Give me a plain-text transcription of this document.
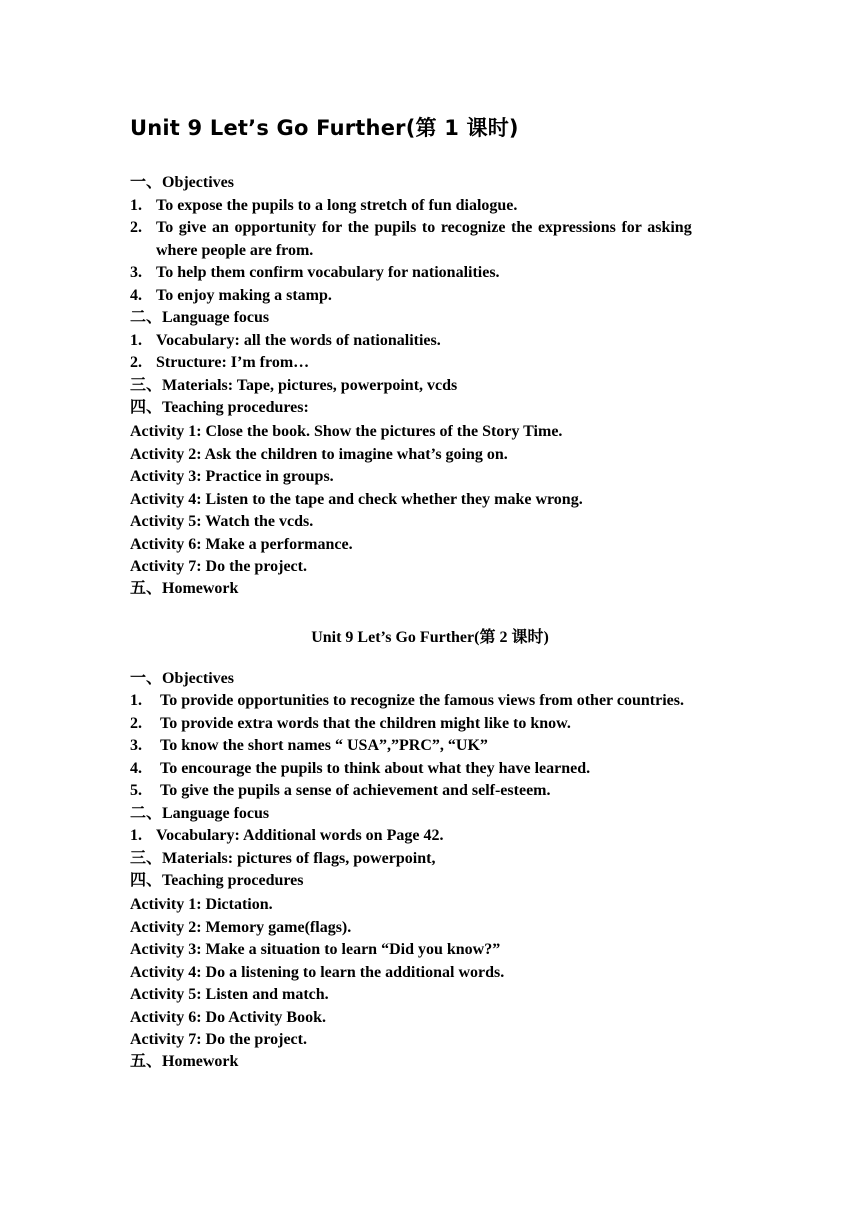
Unit 9 Let’s Go Further(第 1 课时)
一、Objectives
1. To expose the pupils to a long stretch of fun dialogue.
2. To give an opportunity for the pupils to recognize the expressions for asking
where people are from.
3. To help them confirm vocabulary for nationalities.
4. To enjoy making a stamp.
二、Language focus
1. Vocabulary: all the words of nationalities.
2. Structure: I’m from…
三、Materials: Tape, pictures, powerpoint, vcds
四、Teaching procedures:
Activity 1: Close the book. Show the pictures of the Story Time.
Activity 2: Ask the children to imagine what’s going on.
Activity 3: Practice in groups.
Activity 4: Listen to the tape and check whether they make wrong.
Activity 5: Watch the vcds.
Activity 6: Make a performance.
Activity 7: Do the project.
五、Homework
Unit 9 Let’s Go Further(第 2 课时)
一、Objectives
1. To provide opportunities to recognize the famous views from other countries.
2. To provide extra words that the children might like to know.
3. To know the short names “ USA”,”PRC”, “UK”
4. To encourage the pupils to think about what they have learned.
5. To give the pupils a sense of achievement and self-esteem.
二、Language focus
1. Vocabulary: Additional words on Page 42.
三、Materials: pictures of flags, powerpoint,
四、Teaching procedures
Activity 1: Dictation.
Activity 2: Memory game(flags).
Activity 3: Make a situation to learn “Did you know?”
Activity 4: Do a listening to learn the additional words.
Activity 5: Listen and match.
Activity 6: Do Activity Book.
Activity 7: Do the project.
五、Homework
